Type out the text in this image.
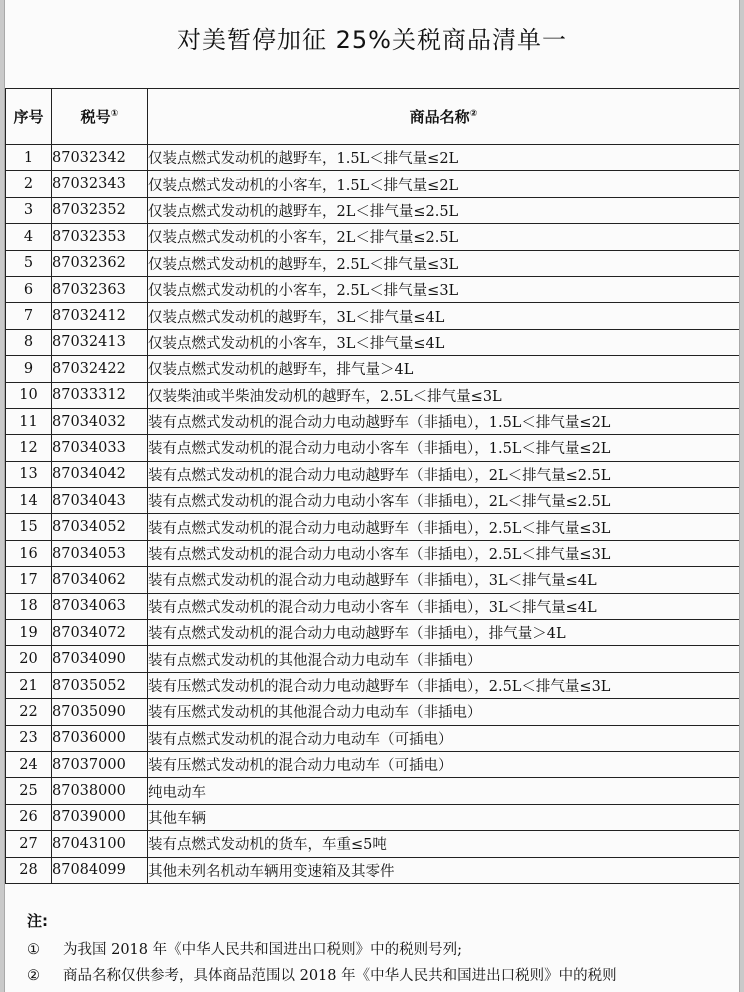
对美暂停加征 25%关税商品清单一
序号	税号①	商品名称②
1	87032342	仅装点燃式发动机的越野车，1.5L＜排气量≤2L
2	87032343	仅装点燃式发动机的小客车，1.5L＜排气量≤2L
3	87032352	仅装点燃式发动机的越野车，2L＜排气量≤2.5L
4	87032353	仅装点燃式发动机的小客车，2L＜排气量≤2.5L
5	87032362	仅装点燃式发动机的越野车，2.5L＜排气量≤3L
6	87032363	仅装点燃式发动机的小客车，2.5L＜排气量≤3L
7	87032412	仅装点燃式发动机的越野车，3L＜排气量≤4L
8	87032413	仅装点燃式发动机的小客车，3L＜排气量≤4L
9	87032422	仅装点燃式发动机的越野车，排气量＞4L
10	87033312	仅装柴油或半柴油发动机的越野车，2.5L＜排气量≤3L
11	87034032	装有点燃式发动机的混合动力电动越野车（非插电），1.5L＜排气量≤2L
12	87034033	装有点燃式发动机的混合动力电动小客车（非插电），1.5L＜排气量≤2L
13	87034042	装有点燃式发动机的混合动力电动越野车（非插电），2L＜排气量≤2.5L
14	87034043	装有点燃式发动机的混合动力电动小客车（非插电），2L＜排气量≤2.5L
15	87034052	装有点燃式发动机的混合动力电动越野车（非插电），2.5L＜排气量≤3L
16	87034053	装有点燃式发动机的混合动力电动小客车（非插电），2.5L＜排气量≤3L
17	87034062	装有点燃式发动机的混合动力电动越野车（非插电），3L＜排气量≤4L
18	87034063	装有点燃式发动机的混合动力电动小客车（非插电），3L＜排气量≤4L
19	87034072	装有点燃式发动机的混合动力电动越野车（非插电），排气量＞4L
20	87034090	装有点燃式发动机的其他混合动力电动车（非插电）
21	87035052	装有压燃式发动机的混合动力电动越野车（非插电），2.5L＜排气量≤3L
22	87035090	装有压燃式发动机的其他混合动力电动车（非插电）
23	87036000	装有点燃式发动机的混合动力电动车（可插电）
24	87037000	装有压燃式发动机的混合动力电动车（可插电）
25	87038000	纯电动车
26	87039000	其他车辆
27	87043100	装有点燃式发动机的货车，车重≤5吨
28	87084099	其他未列名机动车辆用变速箱及其零件
注:
① 为我国 2018 年《中华人民共和国进出口税则》中的税则号列;
② 商品名称仅供参考，具体商品范围以 2018 年《中华人民共和国进出口税则》中的税则
